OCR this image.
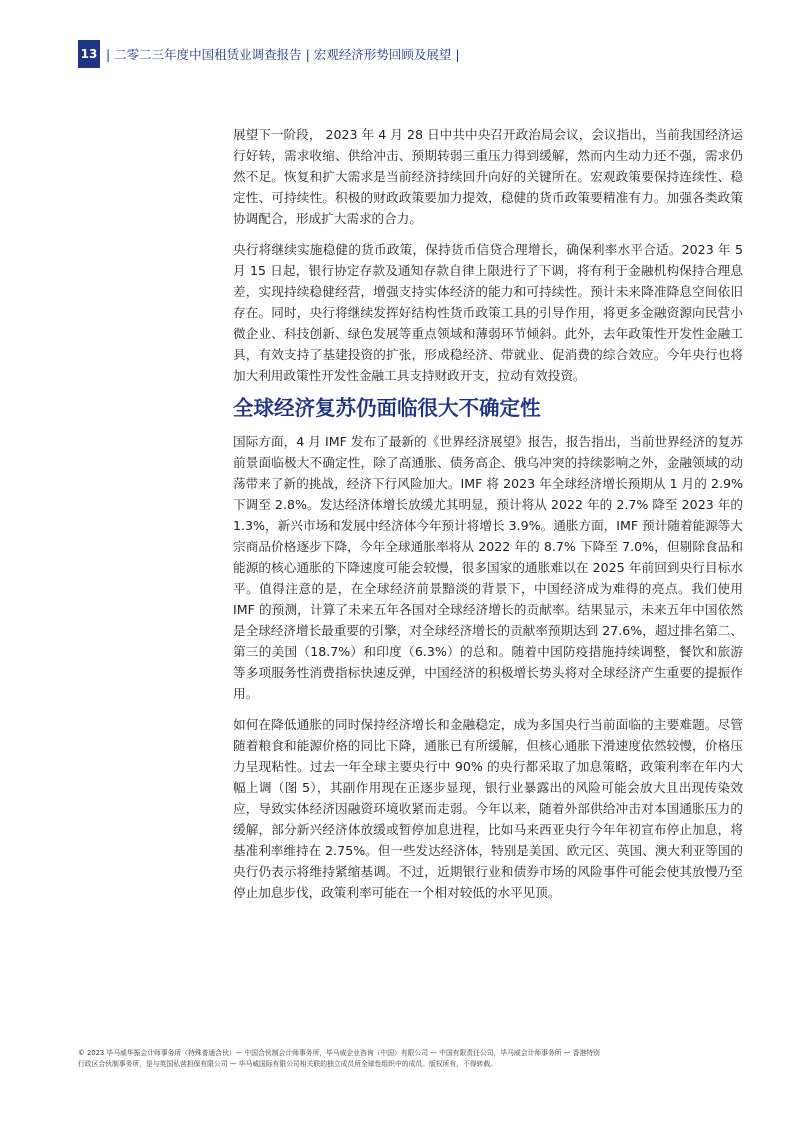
13 | 二零二三年度中国租赁业调查报告 | 宏观经济形势回顾及展望 |

展望下一阶段， 2023 年 4 月 28 日中共中央召开政治局会议，会议指出，当前我国经济运行好转，需求收缩、供给冲击、预期转弱三重压力得到缓解，然而内生动力还不强，需求仍然不足。恢复和扩大需求是当前经济持续回升向好的关键所在。宏观政策要保持连续性、稳定性、可持续性。积极的财政政策要加力提效，稳健的货币政策要精准有力。加强各类政策协调配合，形成扩大需求的合力。

央行将继续实施稳健的货币政策，保持货币信贷合理增长，确保利率水平合适。2023 年 5 月 15 日起，银行协定存款及通知存款自律上限进行了下调，将有利于金融机构保持合理息差，实现持续稳健经营，增强支持实体经济的能力和可持续性。预计未来降准降息空间依旧存在。同时，央行将继续发挥好结构性货币政策工具的引导作用，将更多金融资源向民营小微企业、科技创新、绿色发展等重点领域和薄弱环节倾斜。此外，去年政策性开发性金融工具，有效支持了基建投资的扩张，形成稳经济、带就业、促消费的综合效应。今年央行也将加大利用政策性开发性金融工具支持财政开支，拉动有效投资。

全球经济复苏仍面临很大不确定性

国际方面，4 月 IMF 发布了最新的《世界经济展望》报告，报告指出，当前世界经济的复苏前景面临极大不确定性，除了高通胀、债务高企、俄乌冲突的持续影响之外，金融领域的动荡带来了新的挑战，经济下行风险加大。IMF 将 2023 年全球经济增长预期从 1 月的 2.9% 下调至 2.8%。发达经济体增长放缓尤其明显，预计将从 2022 年的 2.7% 降至 2023 年的 1.3%，新兴市场和发展中经济体今年预计将增长 3.9%。通胀方面，IMF 预计随着能源等大宗商品价格逐步下降，今年全球通胀率将从 2022 年的 8.7% 下降至 7.0%，但剔除食品和能源的核心通胀的下降速度可能会较慢，很多国家的通胀难以在 2025 年前回到央行目标水平。值得注意的是，在全球经济前景黯淡的背景下，中国经济成为难得的亮点。我们使用 IMF 的预测，计算了未来五年各国对全球经济增长的贡献率。结果显示，未来五年中国依然是全球经济增长最重要的引擎，对全球经济增长的贡献率预期达到 27.6%，超过排名第二、第三的美国（18.7%）和印度（6.3%）的总和。随着中国防疫措施持续调整，餐饮和旅游等多项服务性消费指标快速反弹，中国经济的积极增长势头将对全球经济产生重要的提振作用。

如何在降低通胀的同时保持经济增长和金融稳定，成为多国央行当前面临的主要难题。尽管随着粮食和能源价格的同比下降，通胀已有所缓解，但核心通胀下滑速度依然较慢，价格压力呈现粘性。过去一年全球主要央行中 90% 的央行都采取了加息策略，政策利率在年内大幅上调（图 5），其副作用现在正逐步显现，银行业暴露出的风险可能会放大且出现传染效应，导致实体经济因融资环境收紧而走弱。今年以来，随着外部供给冲击对本国通胀压力的缓解，部分新兴经济体放缓或暂停加息进程，比如马来西亚央行今年年初宣布停止加息，将基准利率维持在 2.75%。但一些发达经济体，特别是美国、欧元区、英国、澳大利亚等国的央行仍表示将维持紧缩基调。不过，近期银行业和债券市场的风险事件可能会使其放慢乃至停止加息步伐，政策利率可能在一个相对较低的水平见顶。

© 2023 毕马威华振会计师事务所（特殊普通合伙）— 中国合伙制会计师事务所，毕马威企业咨询（中国）有限公司 — 中国有限责任公司，毕马威会计师事务所 — 香港特别
行政区合伙制事务所，是与英国私营担保有限公司 — 毕马威国际有限公司相关联的独立成员所全球性组织中的成员。版权所有，不得转载。
